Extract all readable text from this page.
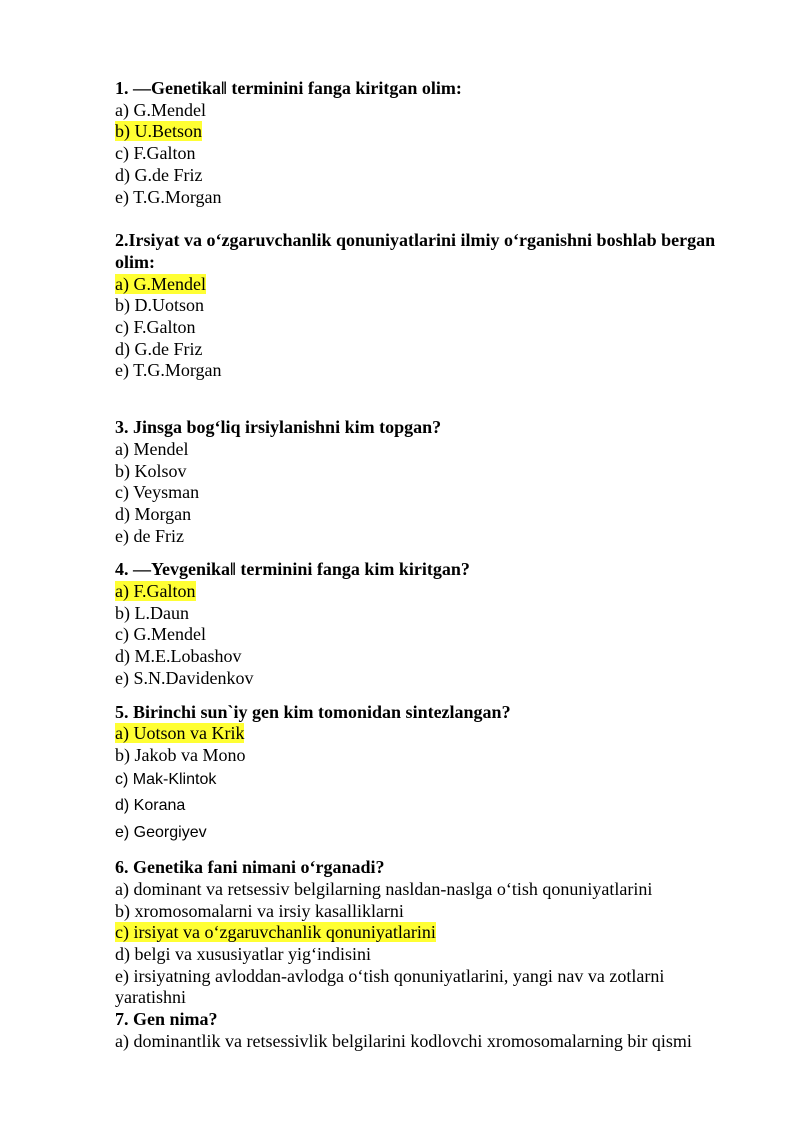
1. —Genetika‖ terminini fanga kiritgan olim:

a) G.Mendel

b) U.Betson

c) F.Galton

d) G.de Friz

e) T.G.Morgan

2.Irsiyat va o‘zgaruvchanlik qonuniyatlarini ilmiy o‘rganishni boshlab bergan

olim:

a) G.Mendel

b) D.Uotson

c) F.Galton

d) G.de Friz

e) T.G.Morgan

3. Jinsga bog‘liq irsiylanishni kim topgan?

a) Mendel

b) Kolsov

c) Veysman

d) Morgan

e) de Friz

4. —Yevgenika‖ terminini fanga kim kiritgan?

a) F.Galton

b) L.Daun

c) G.Mendel

d) M.E.Lobashov

e) S.N.Davidenkov

5. Birinchi sun`iy gen kim tomonidan sintezlangan?

a) Uotson va Krik

b) Jakob va Mono

c) Mak-Klintok

d) Korana

e) Georgiyev

6. Genetika fani nimani o‘rganadi?

a) dominant va retsessiv belgilarning nasldan-naslga o‘tish qonuniyatlarini

b) xromosomalarni va irsiy kasalliklarni

c) irsiyat va o‘zgaruvchanlik qonuniyatlarini

d) belgi va xususiyatlar yig‘indisini

e) irsiyatning avloddan-avlodga o‘tish qonuniyatlarini, yangi nav va zotlarni yaratishni

7. Gen nima?

a) dominantlik va retsessivlik belgilarini kodlovchi xromosomalarning bir qismi
